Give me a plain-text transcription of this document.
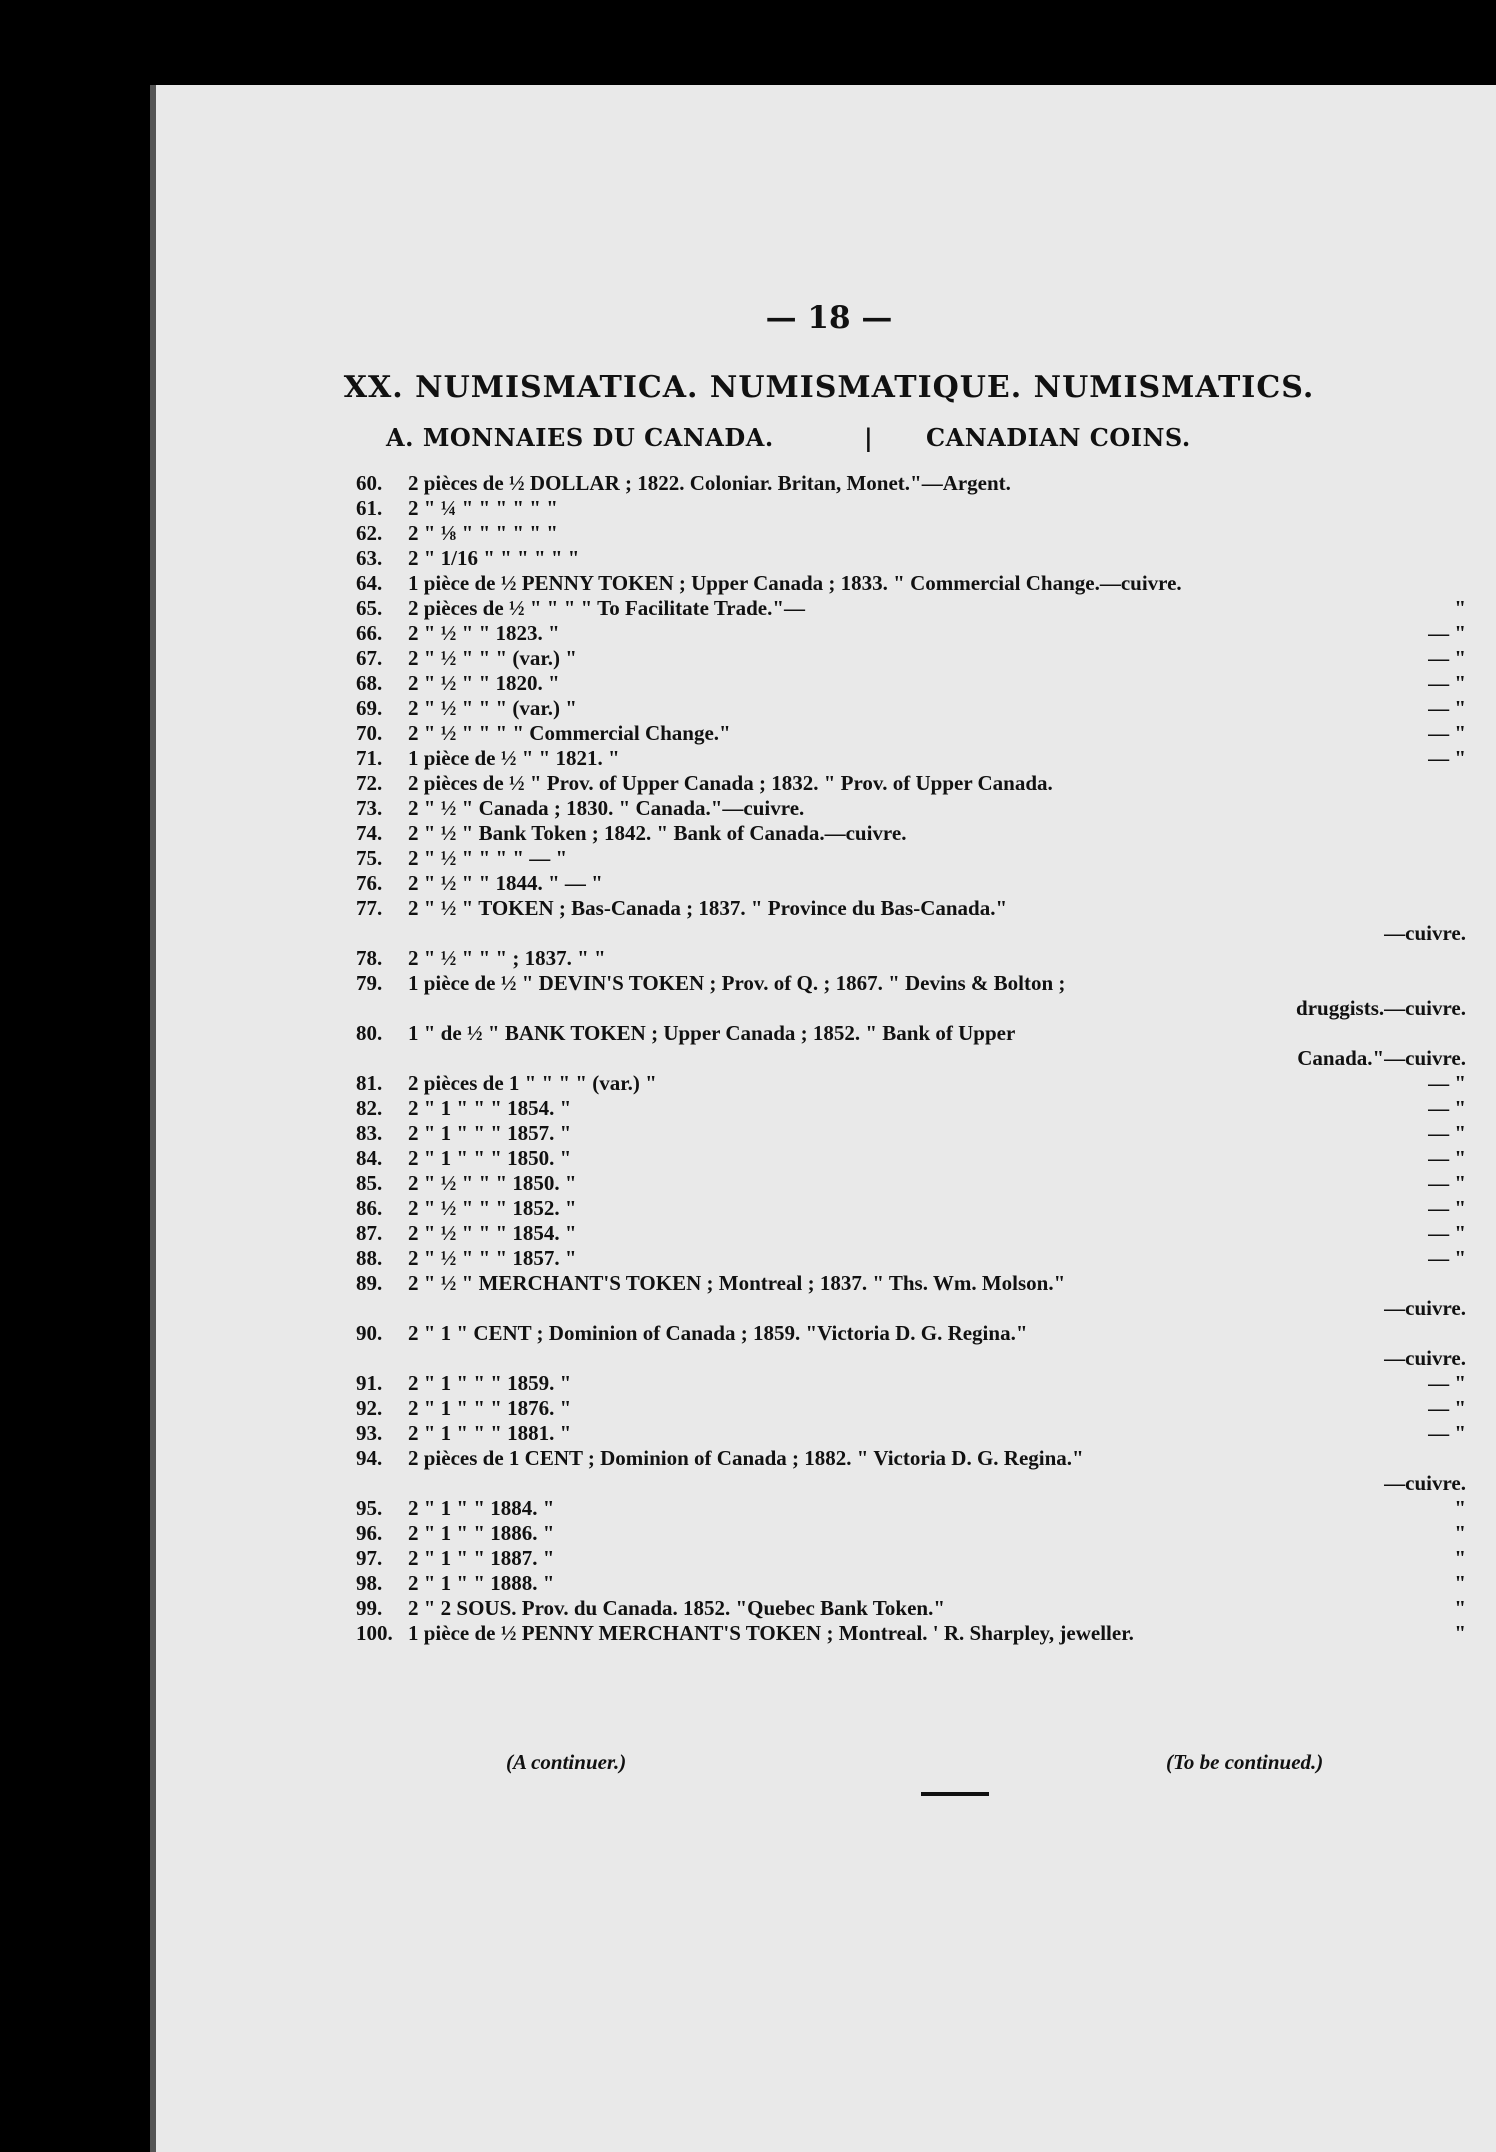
— 18 —
XX. NUMISMATICA. NUMISMATIQUE. NUMISMATICS.
A. MONNAIES DU CANADA.	| CANADIAN COINS.
60. 2 pièces de ½ DOLLAR ; 1822. Coloniar. Britan, Monet."—Argent.
61. 2 " ¼ " " " " " "
62. 2 " ⅛ " " " " " "
63. 2 " 1/16 " " " " " "
64. 1 pièce de ½ PENNY TOKEN ; Upper Canada ; 1833. " Commercial Change.—cuivre.
65. 2 pièces de ½ " " " " To Facilitate Trade."—	"
66. 2 " ½ " " 1823. "	— "
67. 2 " ½ " " " (var.) "	— "
68. 2 " ½ " " 1820. "	— "
69. 2 " ½ " " " (var.) "	— "
70. 2 " ½ " " " " Commercial Change."	— "
71. 1 pièce de ½ " " 1821. "	— "
72. 2 pièces de ½ " Prov. of Upper Canada ; 1832. " Prov. of Upper Canada.
73. 2 " ½ " Canada ; 1830. " Canada."—cuivre.
74. 2 " ½ " Bank Token ; 1842. " Bank of Canada.—cuivre.
75. 2 " ½ " " " " — "
76. 2 " ½ " " 1844. " — "
77. 2 " ½ " TOKEN ; Bas-Canada ; 1837. " Province du Bas-Canada."
—cuivre.
78. 2 " ½ " " " ; 1837. " "
79. 1 pièce de ½ " DEVIN'S TOKEN ; Prov. of Q. ; 1867. " Devins & Bolton ;
druggists.—cuivre.
80. 1 " de ½ " BANK TOKEN ; Upper Canada ; 1852. " Bank of Upper
Canada."—cuivre.
81. 2 pièces de 1 " " " " (var.) "	— "
82. 2 " 1 " " " 1854. "	— "
83. 2 " 1 " " " 1857. "	— "
84. 2 " 1 " " " 1850. "	— "
85. 2 " ½ " " " 1850. "	— "
86. 2 " ½ " " " 1852. "	— "
87. 2 " ½ " " " 1854. "	— "
88. 2 " ½ " " " 1857. "	— "
89. 2 " ½ " MERCHANT'S TOKEN ; Montreal ; 1837. " Ths. Wm. Molson."
—cuivre.
90. 2 " 1 " CENT ; Dominion of Canada ; 1859. "Victoria D. G. Regina."
—cuivre.
91. 2 " 1 " " " 1859. "	— "
92. 2 " 1 " " " 1876. "	— "
93. 2 " 1 " " " 1881. "	— "
94. 2 pièces de 1 CENT ; Dominion of Canada ; 1882. " Victoria D. G. Regina."
—cuivre.
95. 2 " 1 " " 1884. "	"
96. 2 " 1 " " 1886. "	"
97. 2 " 1 " " 1887. "	"
98. 2 " 1 " " 1888. "	"
99. 2 " 2 SOUS. Prov. du Canada. 1852. "Quebec Bank Token."	"
100. 1 pièce de ½ PENNY MERCHANT'S TOKEN ; Montreal. ' R. Sharpley, jeweller.	"
(A continuer.)	(To be continued.)
